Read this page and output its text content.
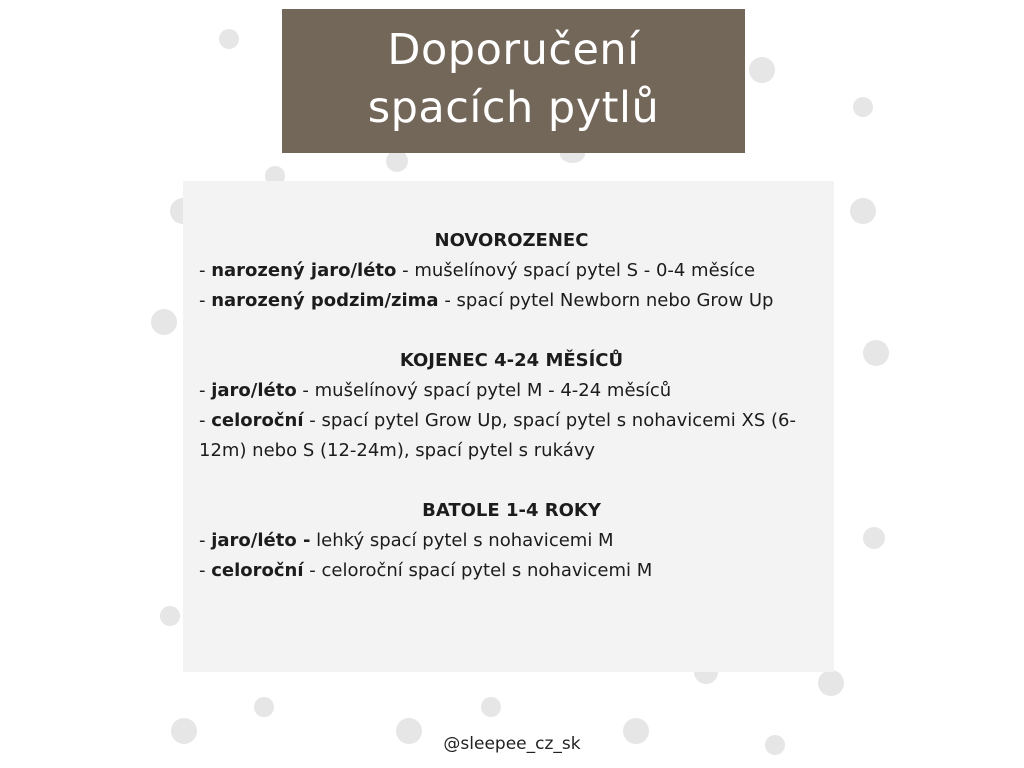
Doporučení
spacích pytlů

NOVOROZENEC

- narozený jaro/léto - mušelínový spací pytel S - 0-4 měsíce

- narozený podzim/zima - spací pytel Newborn nebo Grow Up

KOJENEC 4-24 MĚSÍCŮ

- jaro/léto - mušelínový spací pytel M - 4-24 měsíců

- celoroční - spací pytel Grow Up, spací pytel s nohavicemi XS (6-12m) nebo S (12-24m), spací pytel s rukávy

BATOLE 1-4 ROKY

- jaro/léto - lehký spací pytel s nohavicemi M

- celoroční - celoroční spací pytel s nohavicemi M

@sleepee_cz_sk
